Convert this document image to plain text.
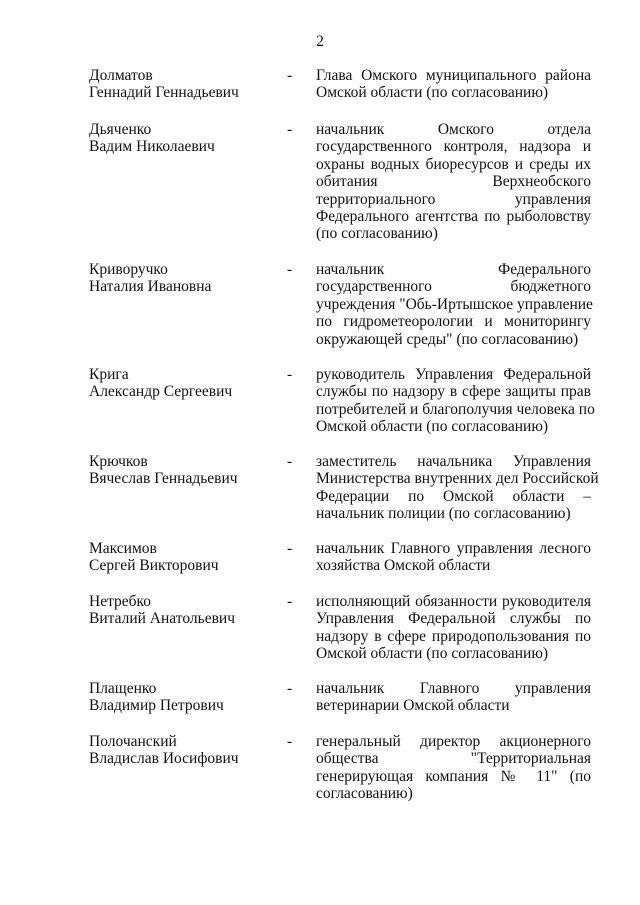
2
Долматов
Геннадий Геннадьевич
-	Глава Омского муниципального района
Омской области (по согласованию)
Дьяченко
Вадим Николаевич
-	начальник Омского отдела
государственного контроля, надзора и
охраны водных биоресурсов и среды их
обитания Верхнеобского
территориального управления
Федерального агентства по рыболовству
(по согласованию)
Криворучко
Наталия Ивановна
-	начальник Федерального
государственного бюджетного
учреждения "Обь-Иртышское управление
по гидрометеорологии и мониторингу
окружающей среды" (по согласованию)
Крига
Александр Сергеевич
-	руководитель Управления Федеральной
службы по надзору в сфере защиты прав
потребителей и благополучия человека по
Омской области (по согласованию)
Крючков
Вячеслав Геннадьевич
-	заместитель начальника Управления
Министерства внутренних дел Российской
Федерации по Омской области –
начальник полиции (по согласованию)
Максимов
Сергей Викторович
-	начальник Главного управления лесного
хозяйства Омской области
Нетребко
Виталий Анатольевич
-	исполняющий обязанности руководителя
Управления Федеральной службы по
надзору в сфере природопользования по
Омской области (по согласованию)
Плащенко
Владимир Петрович
-	начальник Главного управления
ветеринарии Омской области
Полочанский
Владислав Иосифович
-	генеральный директор акционерного
общества "Территориальная
генерирующая компания № 11" (по
согласованию)
